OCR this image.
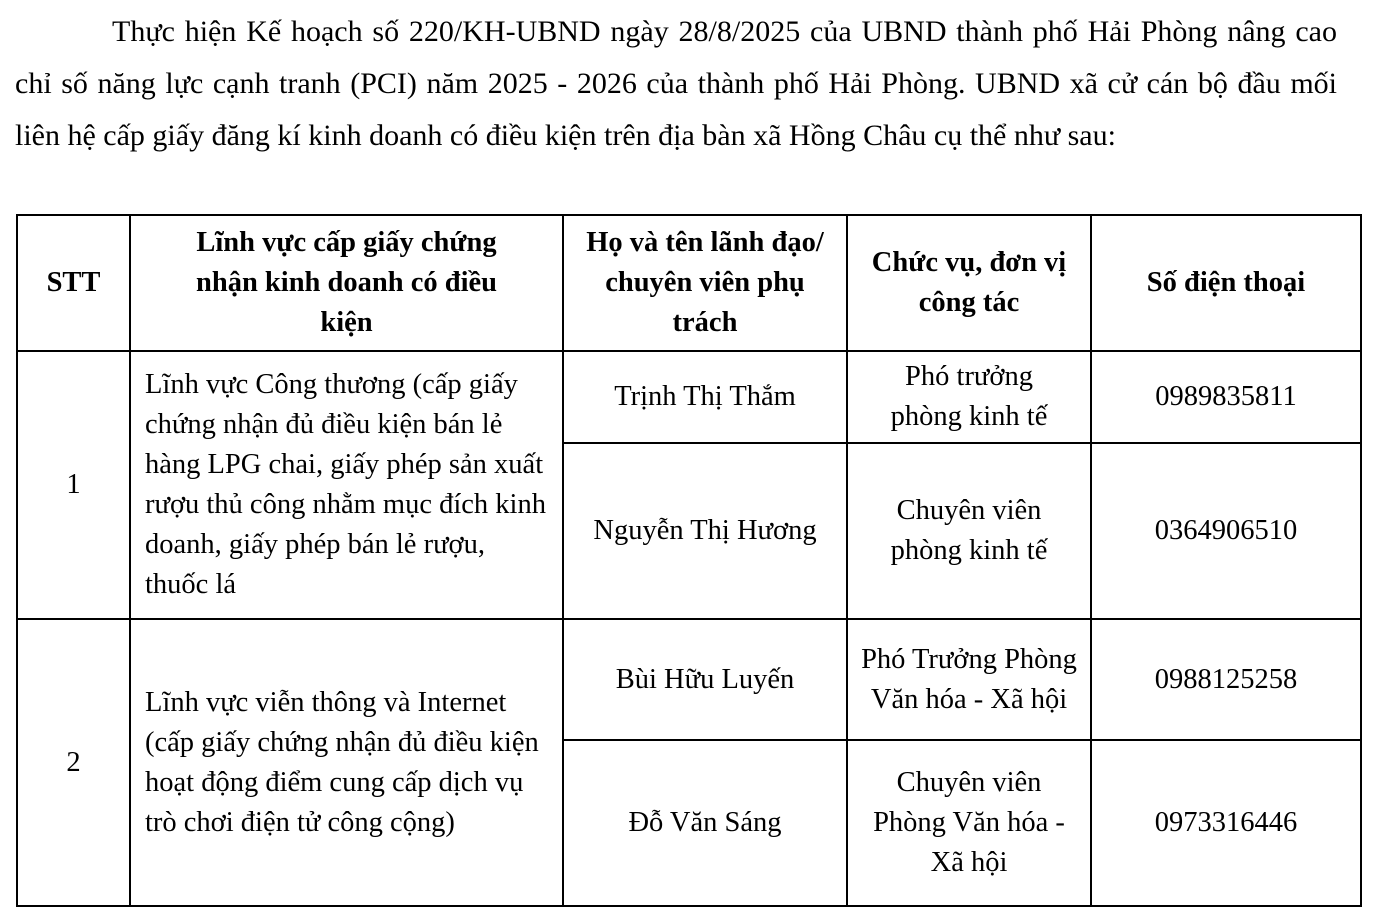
Thực hiện Kế hoạch số 220/KH-UBND ngày 28/8/2025 của UBND thành phố Hải Phòng nâng cao chỉ số năng lực cạnh tranh (PCI) năm 2025 - 2026 của thành phố Hải Phòng. UBND xã cử cán bộ đầu mối liên hệ cấp giấy đăng kí kinh doanh có điều kiện trên địa bàn xã Hồng Châu cụ thể như sau:

STT	Lĩnh vực cấp giấy chứng nhận kinh doanh có điều kiện	Họ và tên lãnh đạo/ chuyên viên phụ trách	Chức vụ, đơn vị công tác	Số điện thoại
1	Lĩnh vực Công thương (cấp giấy chứng nhận đủ điều kiện bán lẻ hàng LPG chai, giấy phép sản xuất rượu thủ công nhằm mục đích kinh doanh, giấy phép bán lẻ rượu, thuốc lá	Trịnh Thị Thắm	Phó trưởng phòng kinh tế	0989835811
		Nguyễn Thị Hương	Chuyên viên phòng kinh tế	0364906510
2	Lĩnh vực viễn thông và Internet (cấp giấy chứng nhận đủ điều kiện hoạt động điểm cung cấp dịch vụ trò chơi điện tử công cộng)	Bùi Hữu Luyến	Phó Trưởng Phòng Văn hóa - Xã hội	0988125258
		Đỗ Văn Sáng	Chuyên viên Phòng Văn hóa - Xã hội	0973316446
